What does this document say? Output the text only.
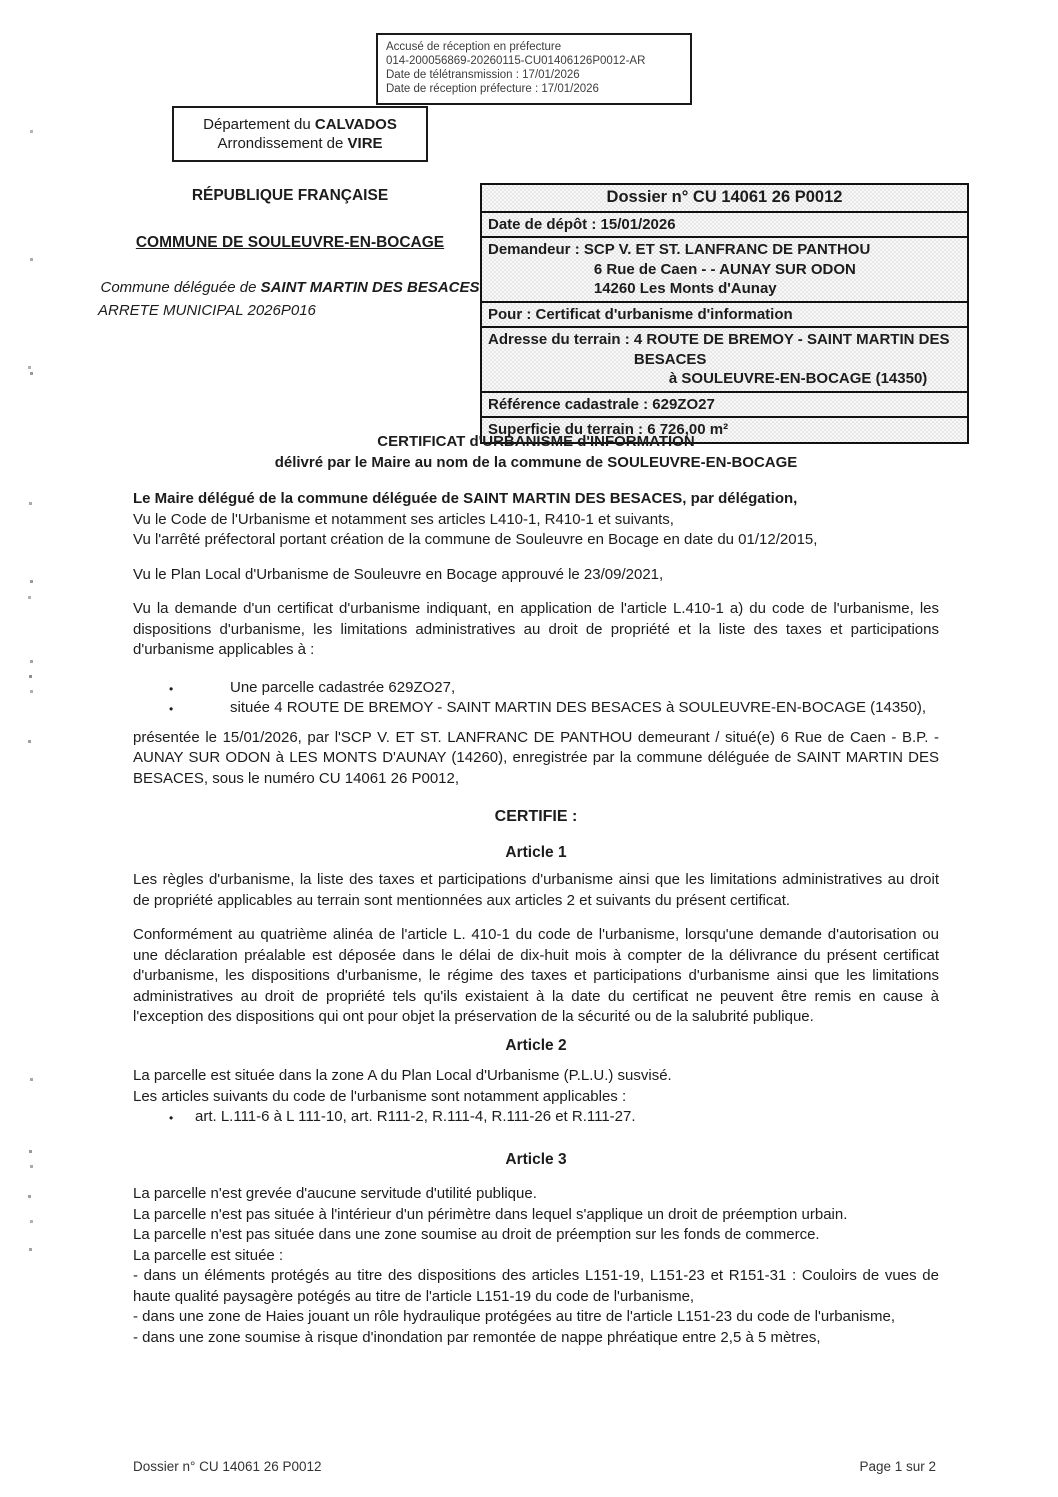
Accusé de réception en préfecture
014-200056869-20260115-CU01406126P0012-AR
Date de télétransmission : 17/01/2026
Date de réception préfecture : 17/01/2026
Département du CALVADOS
Arrondissement de VIRE
RÉPUBLIQUE FRANÇAISE
COMMUNE DE SOULEUVRE-EN-BOCAGE
Commune déléguée de SAINT MARTIN DES BESACES
ARRETE MUNICIPAL 2026P016
Dossier n° CU 14061 26 P0012
Date de dépôt : 15/01/2026
Demandeur : SCP V. ET ST. LANFRANC DE PANTHOU
6 Rue de Caen - - AUNAY SUR ODON
14260 Les Monts d'Aunay
Pour : Certificat d'urbanisme d'information
Adresse du terrain : 4 ROUTE DE BREMOY - SAINT MARTIN DES
BESACES
à SOULEUVRE-EN-BOCAGE (14350)
Référence cadastrale : 629ZO27
Superficie du terrain : 6 726,00 m²
CERTIFICAT d'URBANISME d'INFORMATION
délivré par le Maire au nom de la commune de SOULEUVRE-EN-BOCAGE
Le Maire délégué de la commune déléguée de SAINT MARTIN DES BESACES, par délégation,
Vu le Code de l'Urbanisme et notamment ses articles L410-1, R410-1 et suivants,
Vu l'arrêté préfectoral portant création de la commune de Souleuvre en Bocage en date du 01/12/2015,
Vu le Plan Local d'Urbanisme de Souleuvre en Bocage approuvé le 23/09/2021,
Vu la demande d'un certificat d'urbanisme indiquant, en application de l'article L.410-1 a) du code de l'urbanisme, les dispositions d'urbanisme, les limitations administratives au droit de propriété et la liste des taxes et participations d'urbanisme applicables à :
•	Une parcelle cadastrée 629ZO27,
•	située 4 ROUTE DE BREMOY - SAINT MARTIN DES BESACES à SOULEUVRE-EN-BOCAGE (14350),
présentée le 15/01/2026, par l'SCP V. ET ST. LANFRANC DE PANTHOU demeurant / situé(e) 6 Rue de Caen - B.P. - AUNAY SUR ODON à LES MONTS D'AUNAY (14260), enregistrée par la commune déléguée de SAINT MARTIN DES BESACES, sous le numéro CU 14061 26 P0012,
CERTIFIE :
Article 1
Les règles d'urbanisme, la liste des taxes et participations d'urbanisme ainsi que les limitations administratives au droit de propriété applicables au terrain sont mentionnées aux articles 2 et suivants du présent certificat.
Conformément au quatrième alinéa de l'article L. 410-1 du code de l'urbanisme, lorsqu'une demande d'autorisation ou une déclaration préalable est déposée dans le délai de dix-huit mois à compter de la délivrance du présent certificat d'urbanisme, les dispositions d'urbanisme, le régime des taxes et participations d'urbanisme ainsi que les limitations administratives au droit de propriété tels qu'ils existaient à la date du certificat ne peuvent être remis en cause à l'exception des dispositions qui ont pour objet la préservation de la sécurité ou de la salubrité publique.
Article 2
La parcelle est située dans la zone A du Plan Local d'Urbanisme (P.L.U.) susvisé.
Les articles suivants du code de l'urbanisme sont notamment applicables :
• art. L.111-6 à L 111-10, art. R111-2, R.111-4, R.111-26 et R.111-27.
Article 3
La parcelle n'est grevée d'aucune servitude d'utilité publique.
La parcelle n'est pas située à l'intérieur d'un périmètre dans lequel s'applique un droit de préemption urbain.
La parcelle n'est pas située dans une zone soumise au droit de préemption sur les fonds de commerce.
La parcelle est située :
- dans un éléments protégés au titre des dispositions des articles L151-19, L151-23 et R151-31 : Couloirs de vues de haute qualité paysagère potégés au titre de l'article L151-19 du code de l'urbanisme,
- dans une zone de Haies jouant un rôle hydraulique protégées au titre de l'article L151-23 du code de l'urbanisme,
- dans une zone soumise à risque d'inondation par remontée de nappe phréatique entre 2,5 à 5 mètres,
Dossier n° CU 14061 26 P0012	Page 1 sur 2
